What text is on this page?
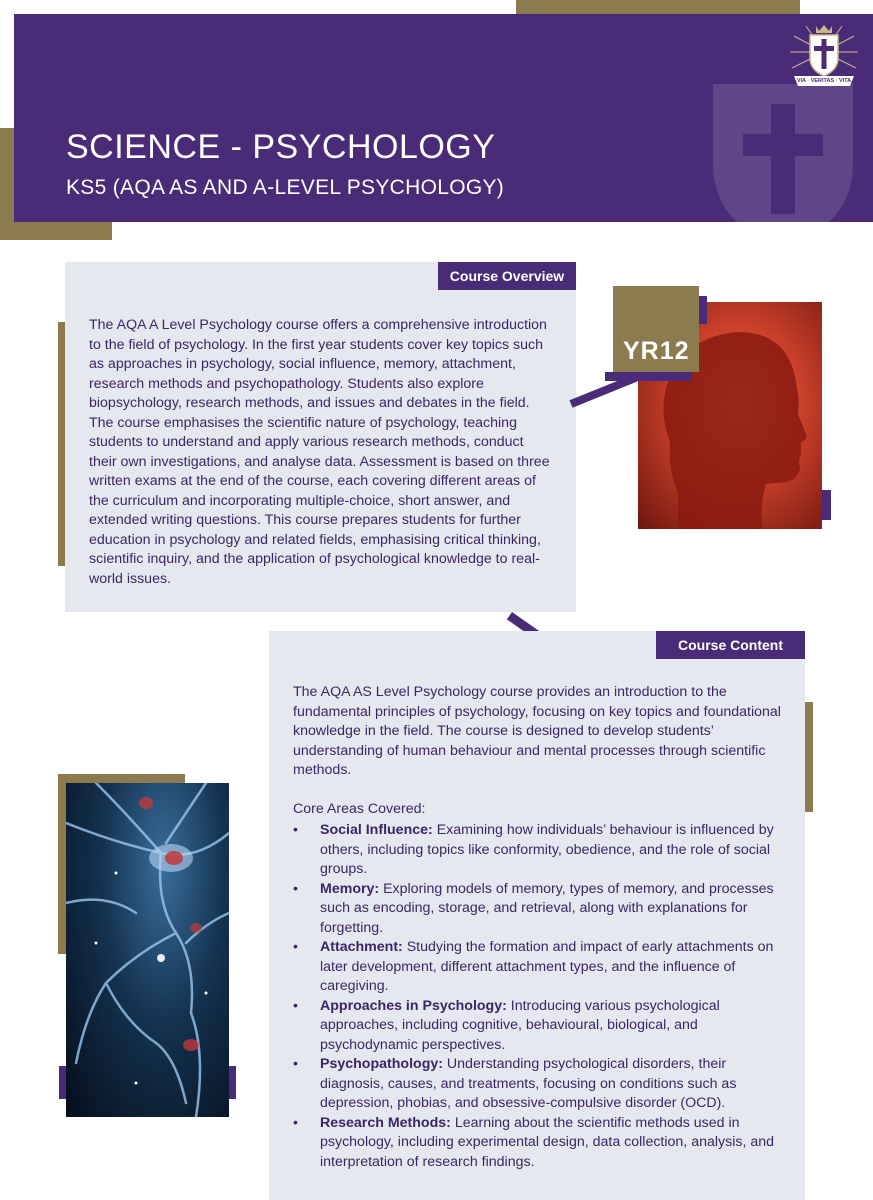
SCIENCE - PSYCHOLOGY
KS5 (AQA AS AND A-LEVEL PSYCHOLOGY)
VIA · VERITAS · VITA
Course Overview

The AQA A Level Psychology course offers a comprehensive introduction to the field of psychology. In the first year students cover key topics such as approaches in psychology, social influence, memory, attachment, research methods and psychopathology. Students also explore biopsychology, research methods, and issues and debates in the field. The course emphasises the scientific nature of psychology, teaching students to understand and apply various research methods, conduct their own investigations, and analyse data. Assessment is based on three written exams at the end of the course, each covering different areas of the curriculum and incorporating multiple-choice, short answer, and extended writing questions. This course prepares students for further education in psychology and related fields, emphasising critical thinking, scientific inquiry, and the application of psychological knowledge to real-world issues.

YR12
Course Content

The AQA AS Level Psychology course provides an introduction to the fundamental principles of psychology, focusing on key topics and foundational knowledge in the field. The course is designed to develop students’ understanding of human behaviour and mental processes through scientific methods.

Core Areas Covered:

• Social Influence: Examining how individuals’ behaviour is influenced by others, including topics like conformity, obedience, and the role of social groups.
• Memory: Exploring models of memory, types of memory, and processes such as encoding, storage, and retrieval, along with explanations for forgetting.
• Attachment: Studying the formation and impact of early attachments on later development, different attachment types, and the influence of caregiving.
• Approaches in Psychology: Introducing various psychological approaches, including cognitive, behavioural, biological, and psychodynamic perspectives.
• Psychopathology: Understanding psychological disorders, their diagnosis, causes, and treatments, focusing on conditions such as depression, phobias, and obsessive-compulsive disorder (OCD).
• Research Methods: Learning about the scientific methods used in psychology, including experimental design, data collection, analysis, and interpretation of research findings.
